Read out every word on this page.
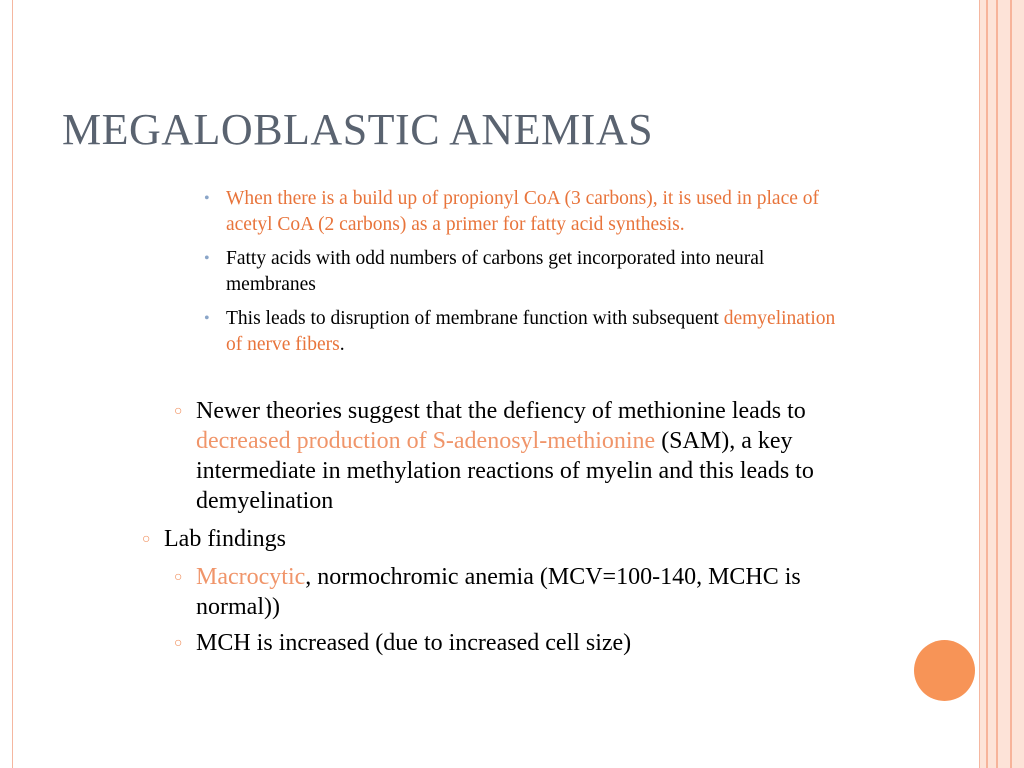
MEGALOBLASTIC ANEMIAS
• When there is a build up of propionyl CoA (3 carbons), it is used in place of acetyl CoA (2 carbons) as a primer for fatty acid synthesis.
• Fatty acids with odd numbers of carbons get incorporated into neural membranes
• This leads to disruption of membrane function with subsequent demyelination of nerve fibers.
○ Newer theories suggest that the defiency of methionine leads to decreased production of S-adenosyl-methionine (SAM), a key intermediate in methylation reactions of myelin and this leads to demyelination
○ Lab findings
○ Macrocytic, normochromic anemia (MCV=100-140, MCHC is normal))
○ MCH is increased (due to increased cell size)
